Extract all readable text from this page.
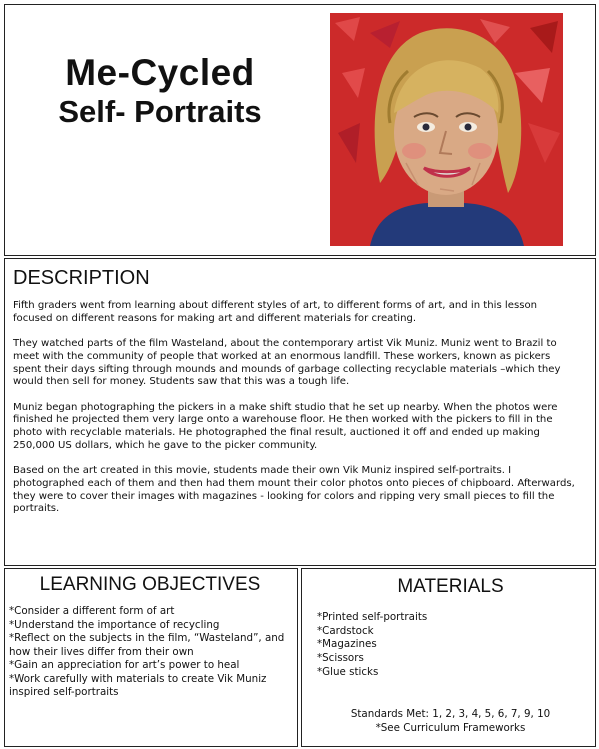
Me-Cycled
Self- Portraits
DESCRIPTION

Fifth graders went from learning about different styles of art, to different forms of art, and in this lesson focused on different reasons for making art and different materials for creating.

They watched parts of the film Wasteland, about the contemporary artist Vik Muniz. Muniz went to Brazil to meet with the community of people that worked at an enormous landfill. These workers, known as pickers spent their days sifting through mounds and mounds of garbage collecting recyclable materials –which they would then sell for money. Students saw that this was a tough life.

Muniz began photographing the pickers in a make shift studio that he set up nearby. When the photos were finished he projected them very large onto a warehouse floor. He then worked with the pickers to fill in the photo with recyclable materials. He photographed the final result, auctioned it off and ended up making 250,000 US dollars, which he gave to the picker community.

Based on the art created in this movie, students made their own Vik Muniz inspired self-portraits. I photographed each of them and then had them mount their color photos onto pieces of chipboard. Afterwards, they were to cover their images with magazines - looking for colors and ripping very small pieces to fill the portraits.

LEARNING OBJECTIVES
*Consider a different form of art
*Understand the importance of recycling
*Reflect on the subjects in the film, “Wasteland”, and how their lives differ from their own
*Gain an appreciation for art’s power to heal
*Work carefully with materials to create Vik Muniz inspired self-portraits
MATERIALS
*Printed self-portraits
*Cardstock
*Magazines
*Scissors
*Glue sticks
Standards Met: 1, 2, 3, 4, 5, 6, 7, 9, 10
*See Curriculum Frameworks
